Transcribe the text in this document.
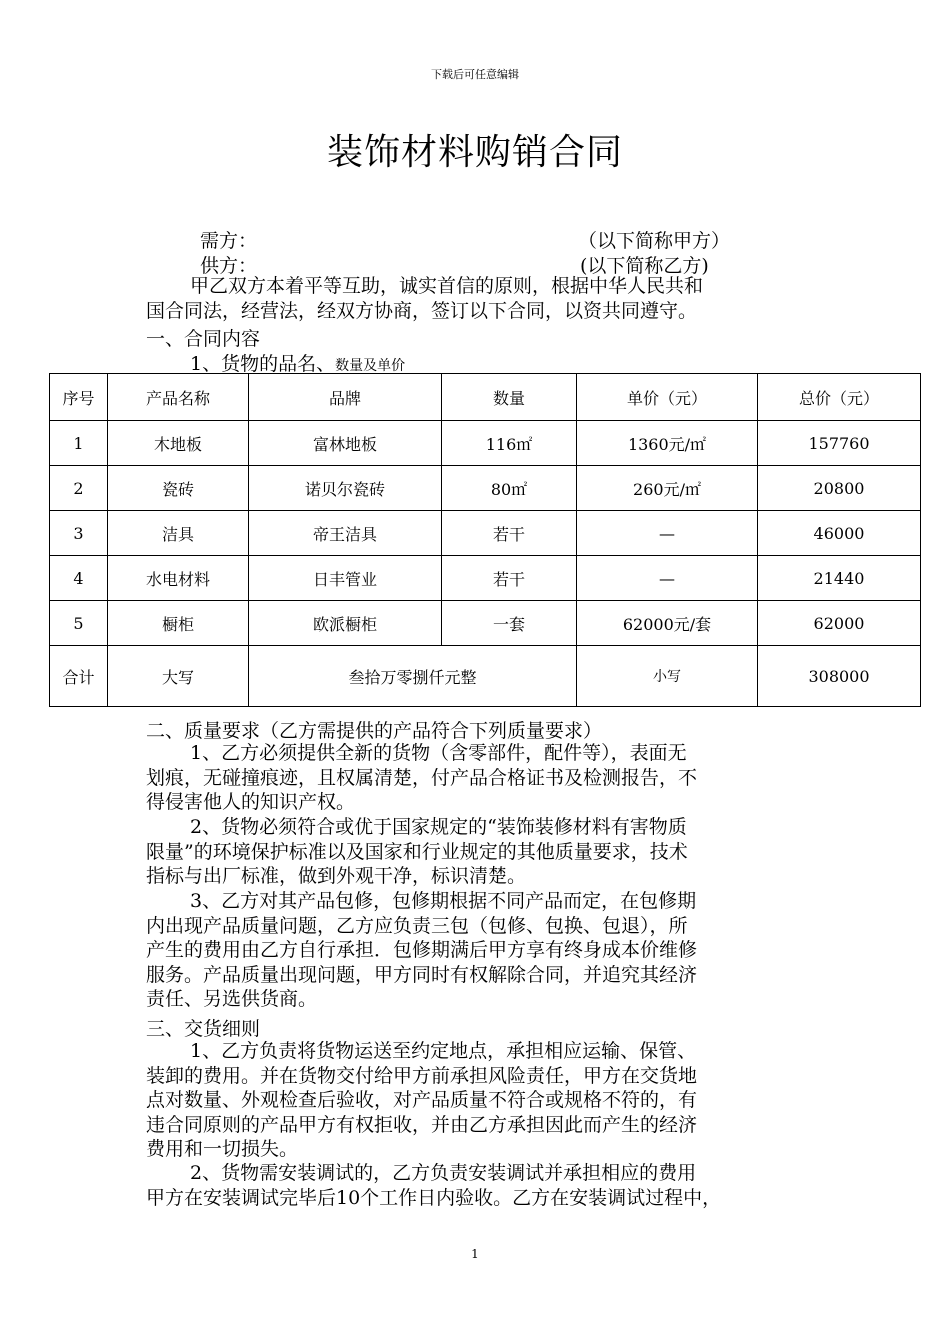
下载后可任意编辑
装饰材料购销合同
需方：	（以下简称甲方）
供方：	(以下简称乙方)
甲乙双方本着平等互助，诚实首信的原则，根据中华人民共和
国合同法，经营法，经双方协商，签订以下合同，以资共同遵守。
一、合同内容
1、货物的品名、数量及单价
序号	产品名称	品牌	数量	单价（元）	总价（元）
1	木地板	富林地板	116㎡	1360元/㎡	157760
2	瓷砖	诺贝尔瓷砖	80㎡	260元/㎡	20800
3	洁具	帝王洁具	若干	—	46000
4	水电材料	日丰管业	若干	—	21440
5	橱柜	欧派橱柜	一套	62000元/套	62000
合计	大写	叁拾万零捌仟元整		小写	308000
二、质量要求（乙方需提供的产品符合下列质量要求）
1、乙方必须提供全新的货物（含零部件，配件等），表面无
划痕，无碰撞痕迹，且权属清楚，付产品合格证书及检测报告，不
得侵害他人的知识产权。
2、货物必须符合或优于国家规定的“装饰装修材料有害物质
限量”的环境保护标准以及国家和行业规定的其他质量要求，技术
指标与出厂标准，做到外观干净，标识清楚。
3、乙方对其产品包修，包修期根据不同产品而定，在包修期
内出现产品质量问题，乙方应负责三包（包修、包换、包退），所
产生的费用由乙方自行承担．包修期满后甲方享有终身成本价维修
服务。产品质量出现问题，甲方同时有权解除合同，并追究其经济
责任、另选供货商。
三、交货细则
1、乙方负责将货物运送至约定地点，承担相应运输、保管、
装卸的费用。并在货物交付给甲方前承担风险责任，甲方在交货地
点对数量、外观检查后验收，对产品质量不符合或规格不符的，有
违合同原则的产品甲方有权拒收，并由乙方承担因此而产生的经济
费用和一切损失。
2、货物需安装调试的，乙方负责安装调试并承担相应的费用
甲方在安装调试完毕后10个工作日内验收。乙方在安装调试过程中，
1
